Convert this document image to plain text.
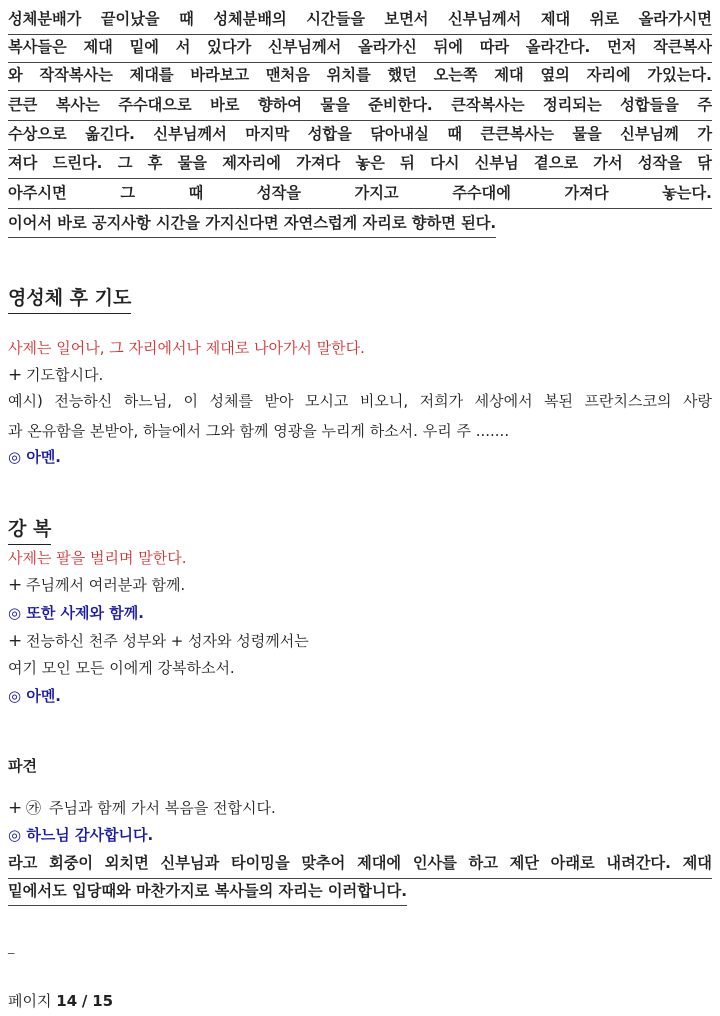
성체분배가 끝이났을 때 성체분배의 시간들을 보면서 신부님께서 제대 위로 올라가시면
복사들은 제대 밑에 서 있다가 신부님께서 올라가신 뒤에 따라 올라간다. 먼저 작큰복사
와 작작복사는 제대를 바라보고 맨처음 위치를 했던 오는쪽 제대 옆의 자리에 가있는다.
큰큰 복사는 주수대으로 바로 향하여 물을 준비한다. 큰작복사는 정리되는 성합들을 주
수상으로 옮긴다. 신부님께서 마지막 성합을 닦아내실 때 큰큰복사는 물을 신부님께 가
져다 드린다. 그 후 물을 제자리에 가져다 놓은 뒤 다시 신부님 곁으로 가서 성작을 닦
아주시면	그	때	성작을	가지고	주수대에	가져다	놓는다.
이어서 바로 공지사항 시간을 가지신다면 자연스럽게 자리로 향하면 된다.
영성체 후 기도
사제는 일어나, 그 자리에서나 제대로 나아가서 말한다.
+ 기도합시다.
예시) 전능하신 하느님, 이 성체를 받아 모시고 비오니, 저희가 세상에서 복된 프란치스코의 사랑
과 온유함을 본받아, 하늘에서 그와 함께 영광을 누리게 하소서. 우리 주 .......
◎ 아멘.
강 복
사제는 팔을 벌리며 말한다.
+ 주님께서 여러분과 함께.
◎ 또한 사제와 함께.
+ 전능하신 천주 성부와 + 성자와 성령께서는
여기 모인 모든 이에게 강복하소서.
◎ 아멘.
파견
+ ㉮ 주님과 함께 가서 복음을 전합시다.
◎ 하느님 감사합니다.
라고 회중이 외치면 신부님과 타이밍을 맞추어 제대에 인사를 하고 제단 아래로 내려간다. 제대
밑에서도 입당때와 마찬가지로 복사들의 자리는 이러합니다.
_
페이지 14 / 15
